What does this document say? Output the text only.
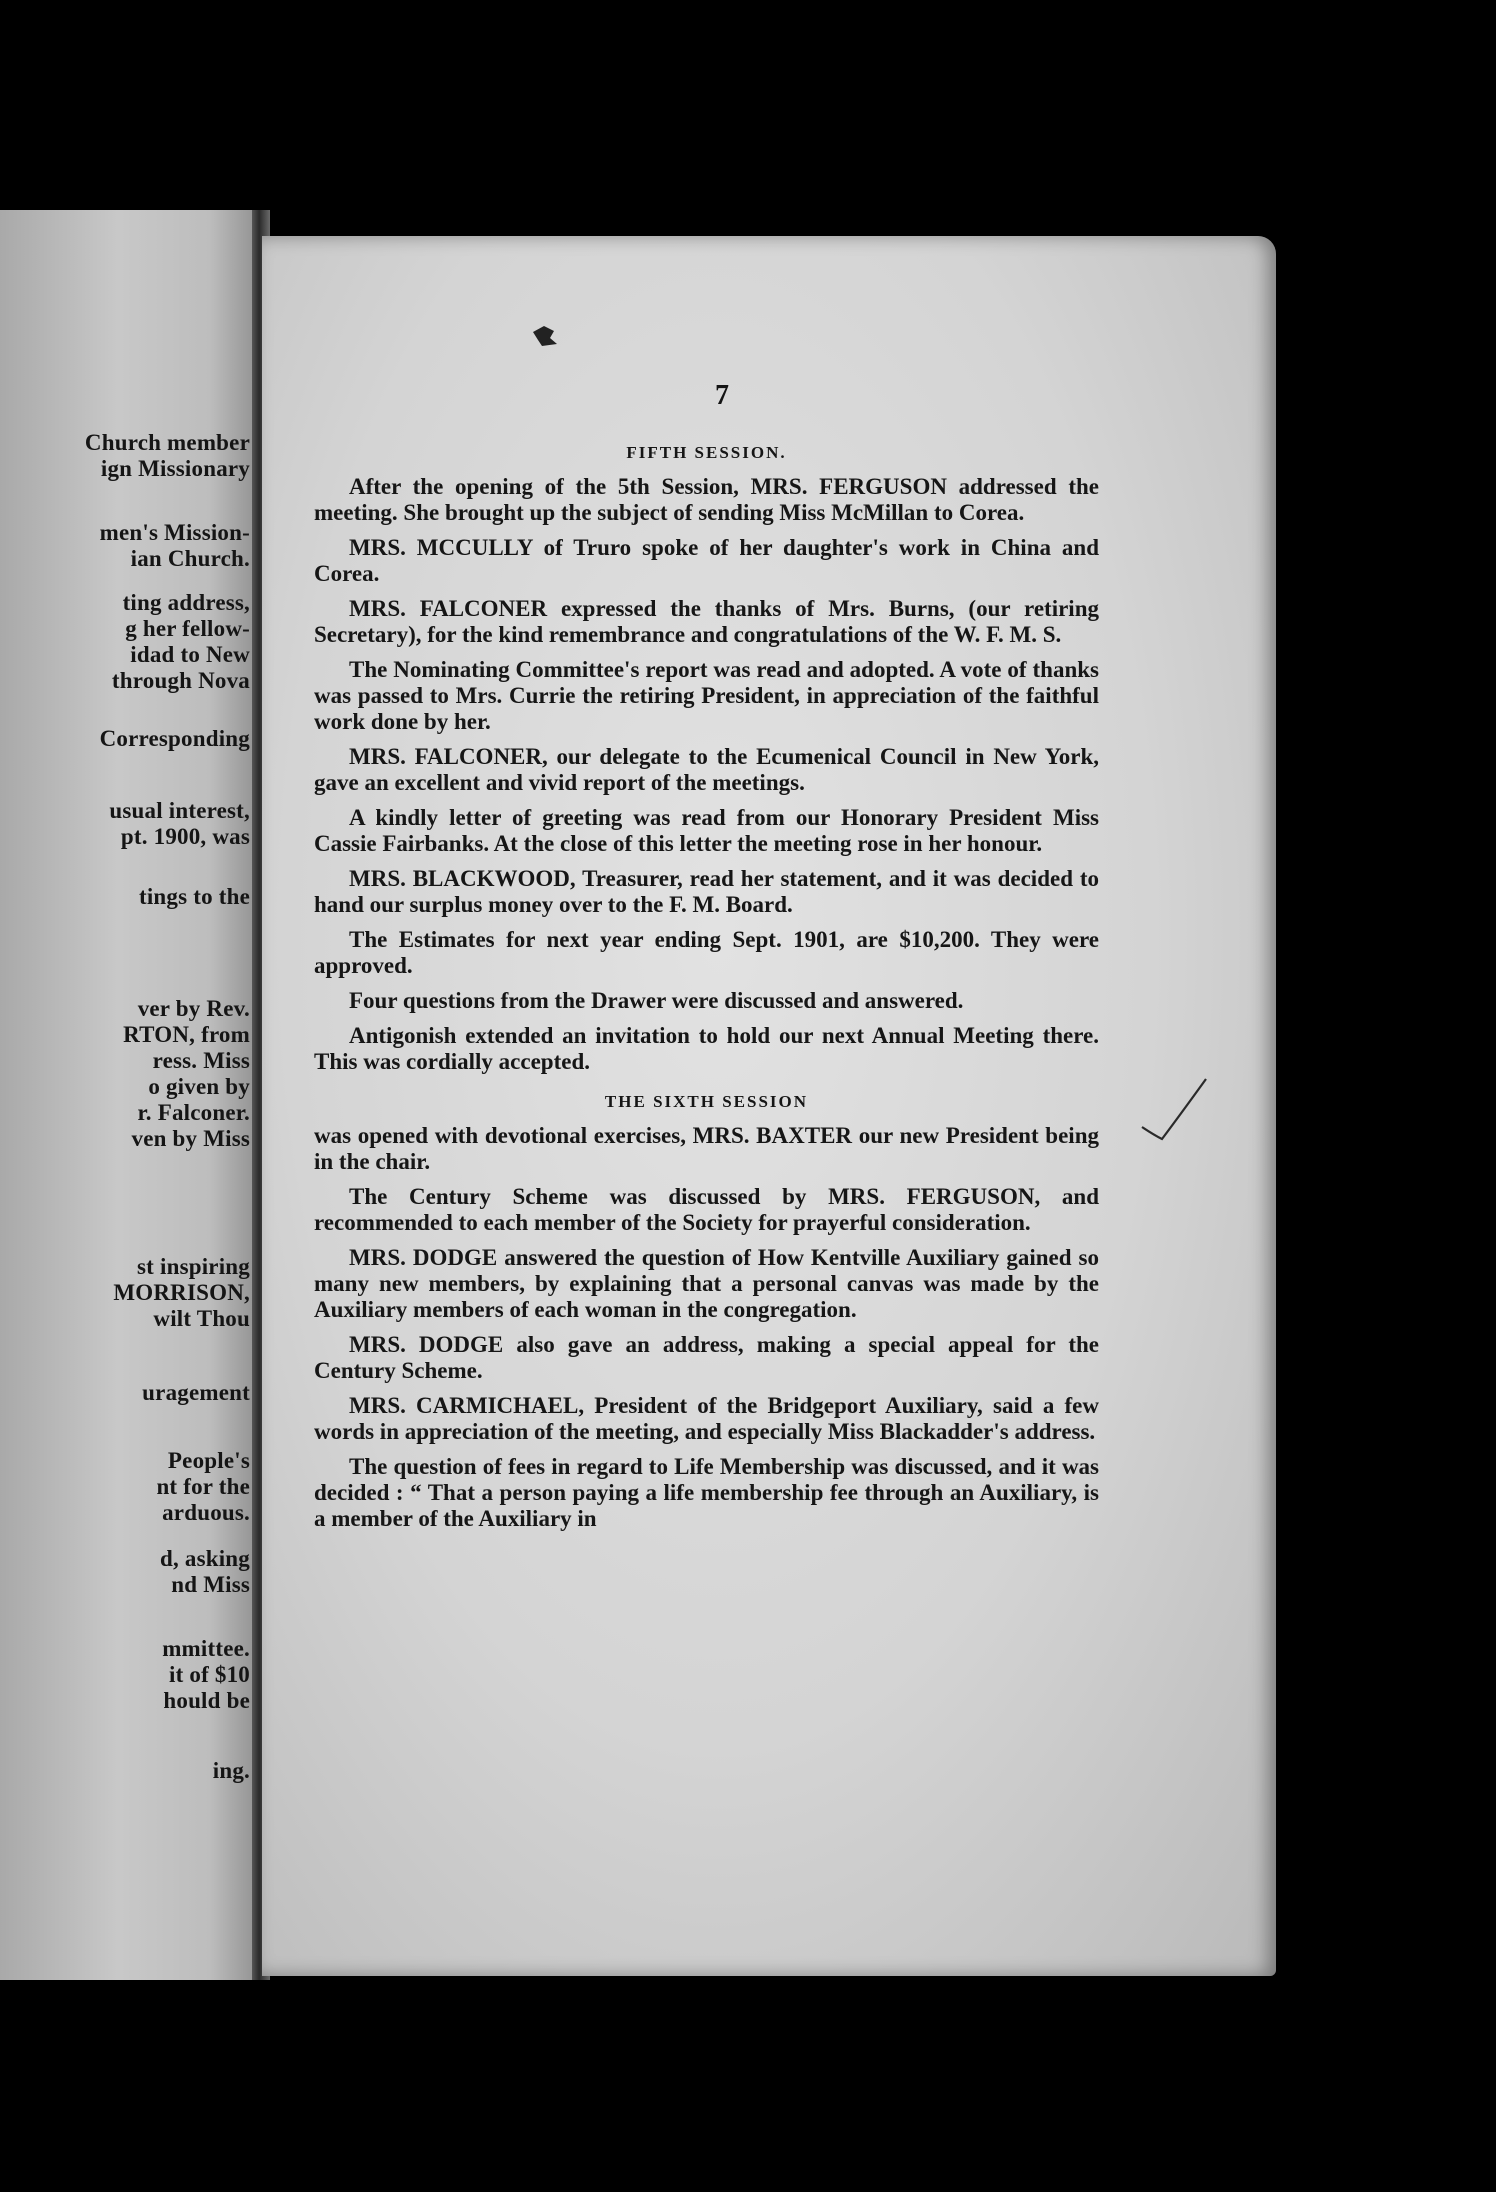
Church member
ign Missionary
men's Mission-
ian Church.
ting address,
g her fellow-
idad to New
through Nova
Corresponding
usual interest,
pt. 1900, was
tings to the
ver by Rev.
RTON, from
ress. Miss
o given by
r. Falconer.
ven by Miss
st inspiring
MORRISON,
wilt Thou
uragement
People's
nt for the
arduous.
d, asking
nd Miss
mmittee.
it of $10
hould be
ing.
7
FIFTH SESSION.

After the opening of the 5th Session, MRS. FERGUSON addressed the meeting. She brought up the subject of sending Miss McMillan to Corea.

MRS. MCCULLY of Truro spoke of her daughter's work in China and Corea.

MRS. FALCONER expressed the thanks of Mrs. Burns, (our retiring Secretary), for the kind remembrance and congratulations of the W. F. M. S.

The Nominating Committee's report was read and adopted. A vote of thanks was passed to Mrs. Currie the retiring President, in appreciation of the faithful work done by her.

MRS. FALCONER, our delegate to the Ecumenical Council in New York, gave an excellent and vivid report of the meetings.

A kindly letter of greeting was read from our Honorary President Miss Cassie Fairbanks. At the close of this letter the meeting rose in her honour.

MRS. BLACKWOOD, Treasurer, read her statement, and it was decided to hand our surplus money over to the F. M. Board.

The Estimates for next year ending Sept. 1901, are $10,200. They were approved.

Four questions from the Drawer were discussed and answered.

Antigonish extended an invitation to hold our next Annual Meeting there. This was cordially accepted.

THE SIXTH SESSION

was opened with devotional exercises, MRS. BAXTER our new President being in the chair.

The Century Scheme was discussed by MRS. FERGUSON, and recommended to each member of the Society for prayerful consideration.

MRS. DODGE answered the question of How Kentville Auxiliary gained so many new members, by explaining that a personal canvas was made by the Auxiliary members of each woman in the congregation.

MRS. DODGE also gave an address, making a special appeal for the Century Scheme.

MRS. CARMICHAEL, President of the Bridgeport Auxiliary, said a few words in appreciation of the meeting, and especially Miss Blackadder's address.

The question of fees in regard to Life Membership was discussed, and it was decided : “ That a person paying a life membership fee through an Auxiliary, is a member of the Auxiliary in
